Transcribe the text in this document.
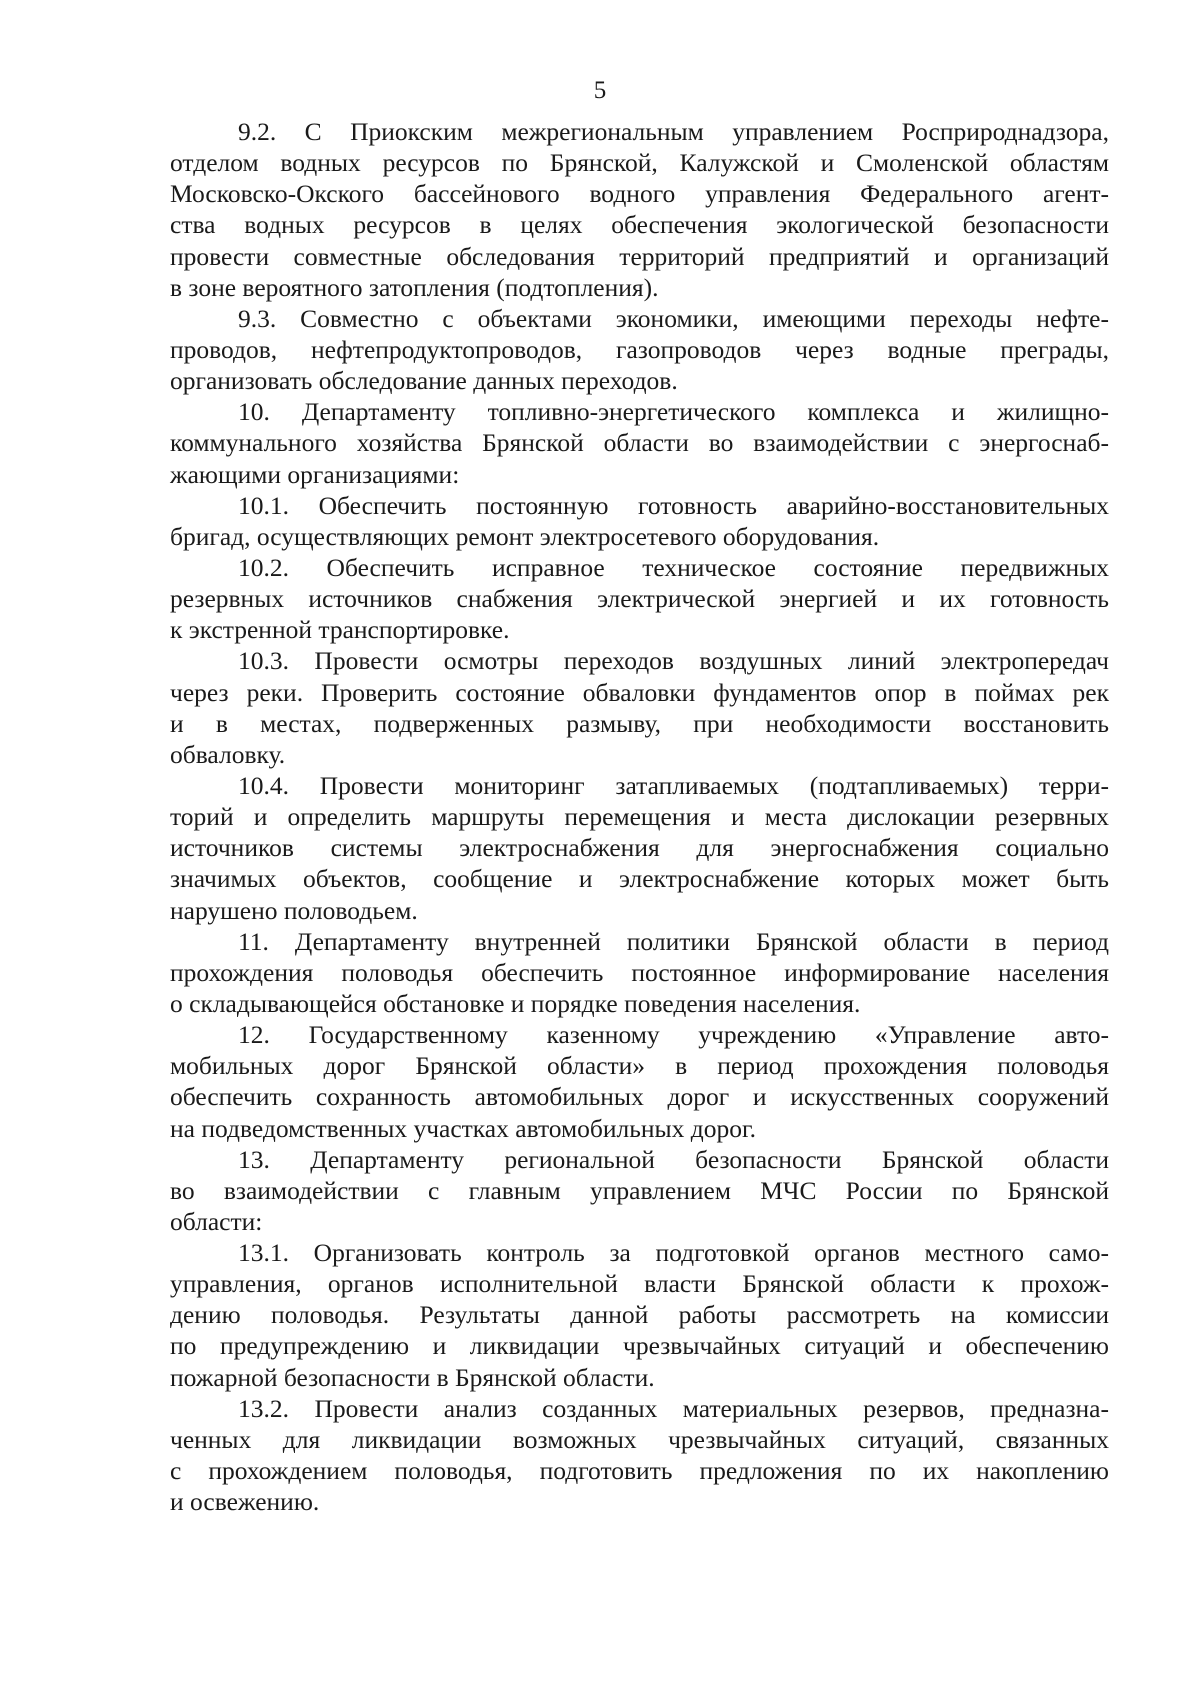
5
9.2. С Приокским межрегиональным управлением Росприроднадзора,
отделом водных ресурсов по Брянской, Калужской и Смоленской областям
Московско-Окского бассейнового водного управления Федерального агент-
ства водных ресурсов в целях обеспечения экологической безопасности
провести совместные обследования территорий предприятий и организаций
в зоне вероятного затопления (подтопления).
9.3. Совместно с объектами экономики, имеющими переходы нефте-
проводов, нефтепродуктопроводов, газопроводов через водные преграды,
организовать обследование данных переходов.
10. Департаменту топливно-энергетического комплекса и жилищно-
коммунального хозяйства Брянской области во взаимодействии с энергоснаб-
жающими организациями:
10.1. Обеспечить постоянную готовность аварийно-восстановительных
бригад, осуществляющих ремонт электросетевого оборудования.
10.2. Обеспечить исправное техническое состояние передвижных
резервных источников снабжения электрической энергией и их готовность
к экстренной транспортировке.
10.3. Провести осмотры переходов воздушных линий электропередач
через реки. Проверить состояние обваловки фундаментов опор в поймах рек
и в местах, подверженных размыву, при необходимости восстановить
обваловку.
10.4. Провести мониторинг затапливаемых (подтапливаемых) терри-
торий и определить маршруты перемещения и места дислокации резервных
источников системы электроснабжения для энергоснабжения социально
значимых объектов, сообщение и электроснабжение которых может быть
нарушено половодьем.
11. Департаменту внутренней политики Брянской области в период
прохождения половодья обеспечить постоянное информирование населения
о складывающейся обстановке и порядке поведения населения.
12. Государственному казенному учреждению «Управление авто-
мобильных дорог Брянской области» в период прохождения половодья
обеспечить сохранность автомобильных дорог и искусственных сооружений
на подведомственных участках автомобильных дорог.
13. Департаменту региональной безопасности Брянской области
во взаимодействии с главным управлением МЧС России по Брянской
области:
13.1. Организовать контроль за подготовкой органов местного само-
управления, органов исполнительной власти Брянской области к прохож-
дению половодья. Результаты данной работы рассмотреть на комиссии
по предупреждению и ликвидации чрезвычайных ситуаций и обеспечению
пожарной безопасности в Брянской области.
13.2. Провести анализ созданных материальных резервов, предназна-
ченных для ликвидации возможных чрезвычайных ситуаций, связанных
с прохождением половодья, подготовить предложения по их накоплению
и освежению.
